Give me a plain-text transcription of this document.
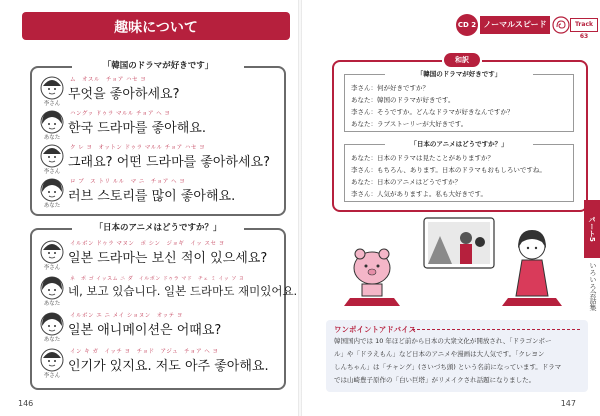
趣味について
「韓国のドラマが好きです」
李さん
ム　オスル　チョア ハセ ヨ
무엇을 좋아하세요?
あなた
ハングッ ドゥラ マルル チョア ヘ ヨ
한국 드라마를 좋아해요.
李さん
ク レ ヨ　オットン ドゥラ マルル チョア ハセ ヨ
그래요? 어떤 드라마를 좋아하세요?
あなた
ロ ブ　ス トリ ルル　マ ニ　チョア ヘ ヨ
러브 스토리를 많이 좋아해요.
「日本のアニメはどうですか？」
李さん
イルボン ドゥラ マヌン　ポ シン　ジョギ　イッ スセ ヨ
일본 드라마는 보신 적이 있으세요?
あなた
ネ　ポ ゴ イッスム ニ ダ　イルボン ドゥラ マド　チェ ミ イッ ソ ヨ
네, 보고 있습니다. 일본 드라마도 재미있어요.
あなた
イルボン エ ニ メイ ショヌン　オッテ ヨ
일본 애니메이션은 어때요?
李さん
イン キ ガ　イッチ ヨ　チョド　アジュ　チョア ヘ ヨ
인기가 있지요. 저도 아주 좋아해요.
146
CD 2 ノーマルスピード	Track 63
和訳
「韓国のドラマが好きです」
李さん：何が好きですか？
あなた：韓国のドラマが好きです。
李さん：そうですか。どんなドラマが好きなんですか？
あなた：ラブストーリーが大好きです。
「日本のアニメはどうですか？」
あなた：日本のドラマは見たことがありますか？
李さん：もちろん、あります。日本のドラマもおもしろいですね。
あなた：日本のアニメはどうですか？
李さん：人気がありますよ。私も大好きです。
パート5
いろいろ会話集
ワンポイントアドバイス
韓国国内では 10 年ほど前から日本の大衆文化が開放され、「ドラゴンボー
ル」や「ドラえもん」など日本のアニメや漫画は大人気です。「クレヨン
しんちゃん」は「チャング」(さいづち頭) という名前になっています。ドラマ
では山崎豊子原作の「白い巨塔」がリメイクされ話題になりました。
147
